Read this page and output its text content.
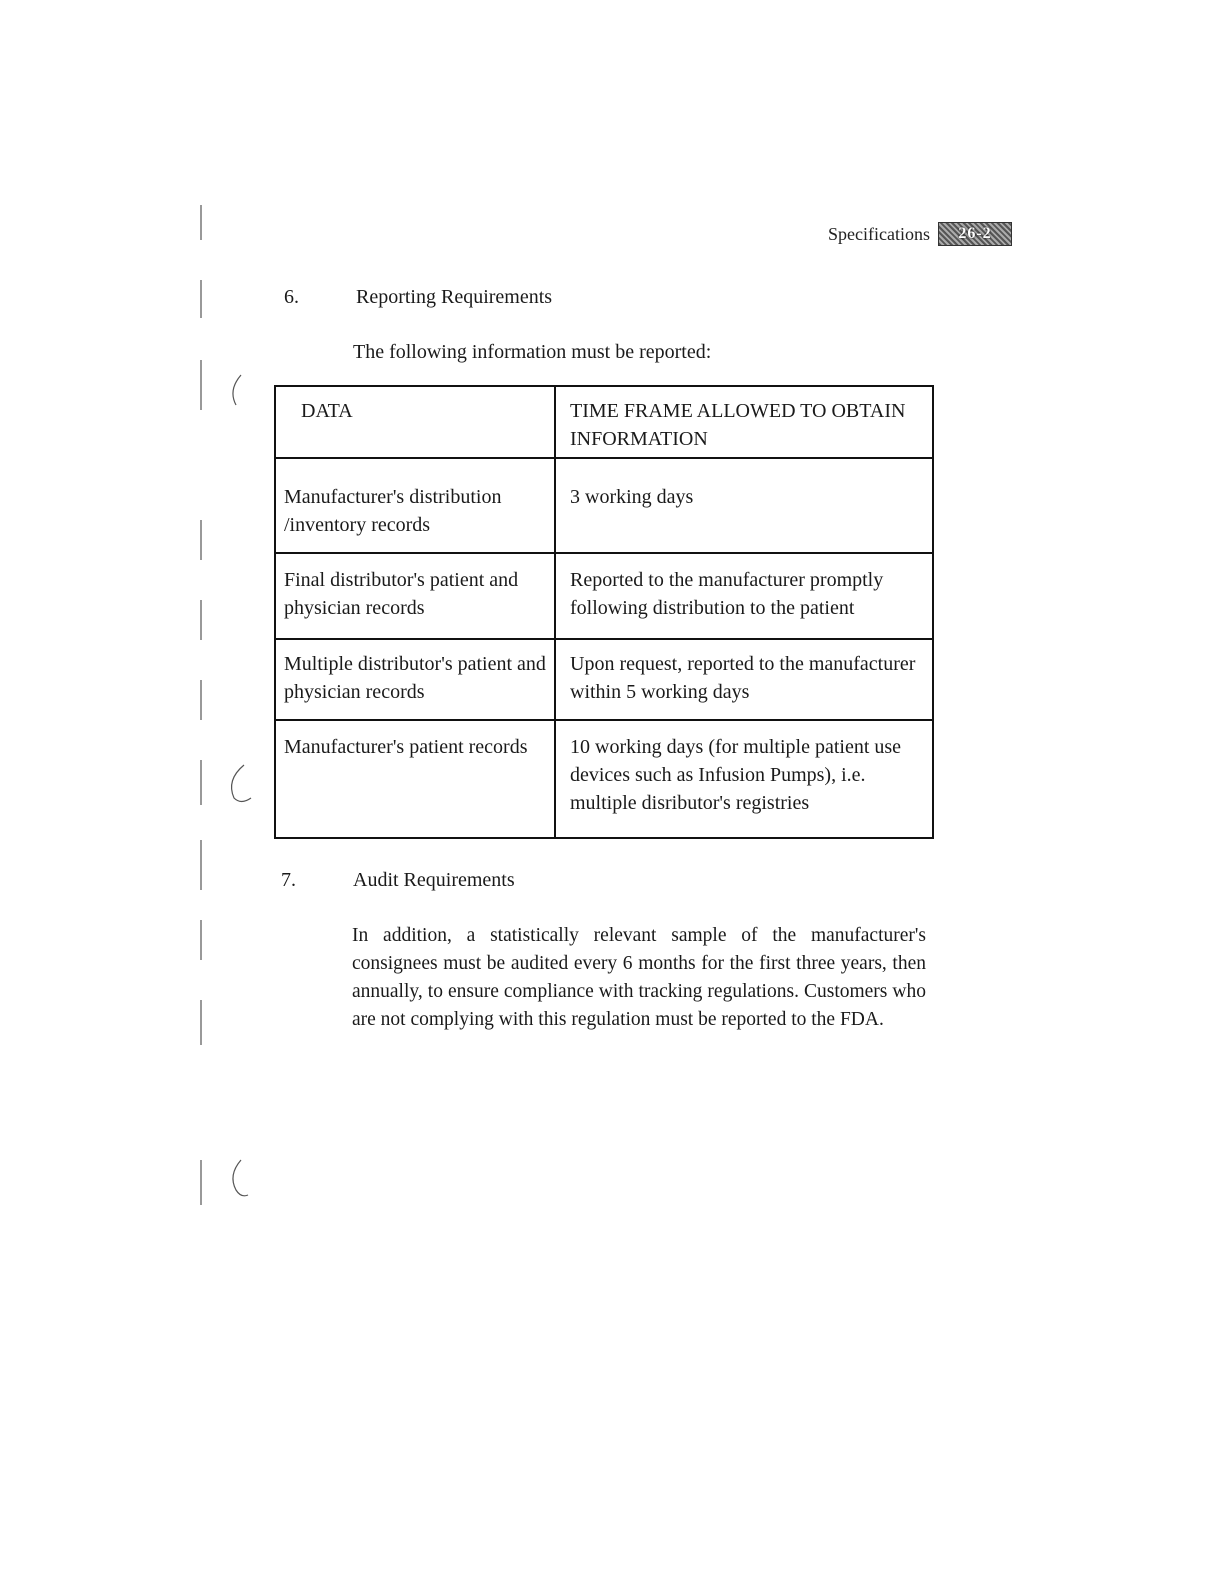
Specifications	26-2
6.	Reporting Requirements
The following information must be reported:
DATA	TIME FRAME ALLOWED TO OBTAIN INFORMATION
Manufacturer's distribution /inventory records	3 working days
Final distributor's patient and physician records	Reported to the manufacturer promptly following distribution to the patient
Multiple distributor's patient and physician records	Upon request, reported to the manufacturer within 5 working days
Manufacturer's patient records	10 working days (for multiple patient use devices such as Infusion Pumps), i.e. multiple disributor's registries
7.	Audit Requirements
In addition, a statistically relevant sample of the manufacturer's consignees must be audited every 6 months for the first three years, then annually, to ensure compliance with tracking regulations. Customers who are not complying with this regulation must be reported to the FDA.
